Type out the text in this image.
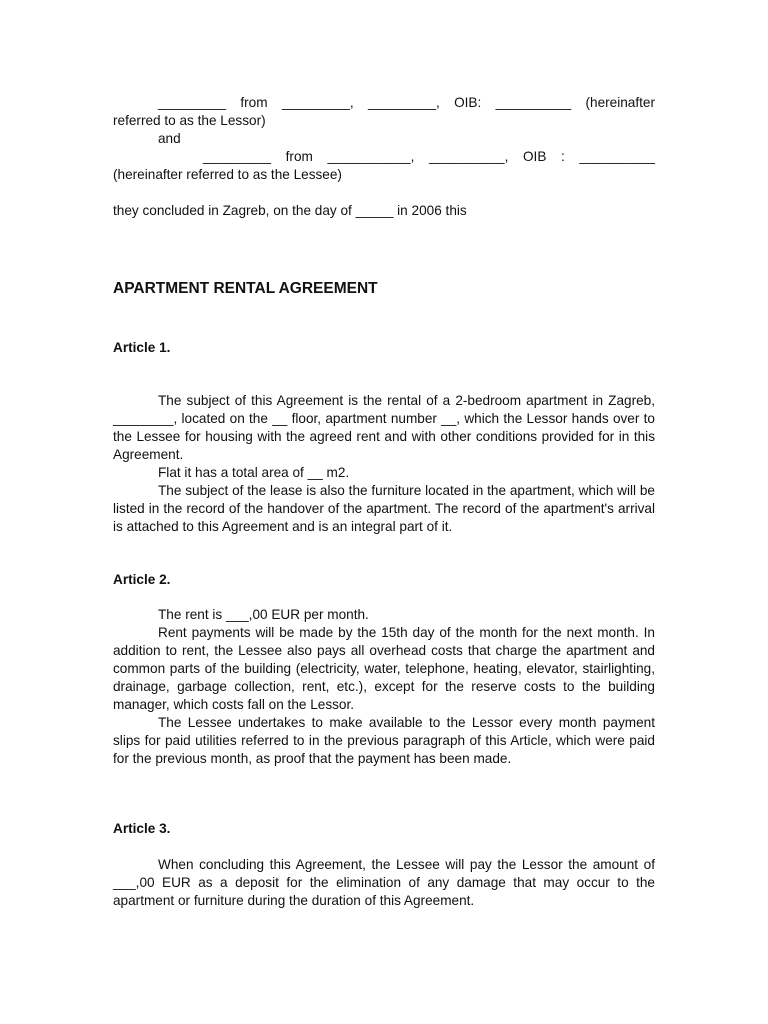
_________ from _________, _________, OIB: __________ (hereinafter

referred to as the Lessor)

and

_________ from ___________, __________, OIB : __________

(hereinafter referred to as the Lessee)

they concluded in Zagreb, on the day of _____ in 2006 this

APARTMENT RENTAL AGREEMENT

Article 1.

The subject of this Agreement is the rental of a 2-bedroom apartment in Zagreb, ________, located on the __ floor, apartment number __, which the Lessor hands over to the Lessee for housing with the agreed rent and with other conditions provided for in this Agreement.

Flat it has a total area of __ m2.

The subject of the lease is also the furniture located in the apartment, which will be listed in the record of the handover of the apartment. The record of the apartment's arrival is attached to this Agreement and is an integral part of it.

Article 2.

The rent is ___,00 EUR per month.

Rent payments will be made by the 15th day of the month for the next month. In addition to rent, the Lessee also pays all overhead costs that charge the apartment and common parts of the building (electricity, water, telephone, heating, elevator, stairlighting, drainage, garbage collection, rent, etc.), except for the reserve costs to the building manager, which costs fall on the Lessor.

The Lessee undertakes to make available to the Lessor every month payment slips for paid utilities referred to in the previous paragraph of this Article, which were paid for the previous month, as proof that the payment has been made.

Article 3.

When concluding this Agreement, the Lessee will pay the Lessor the amount of ___,00 EUR as a deposit for the elimination of any damage that may occur to the apartment or furniture during the duration of this Agreement.
